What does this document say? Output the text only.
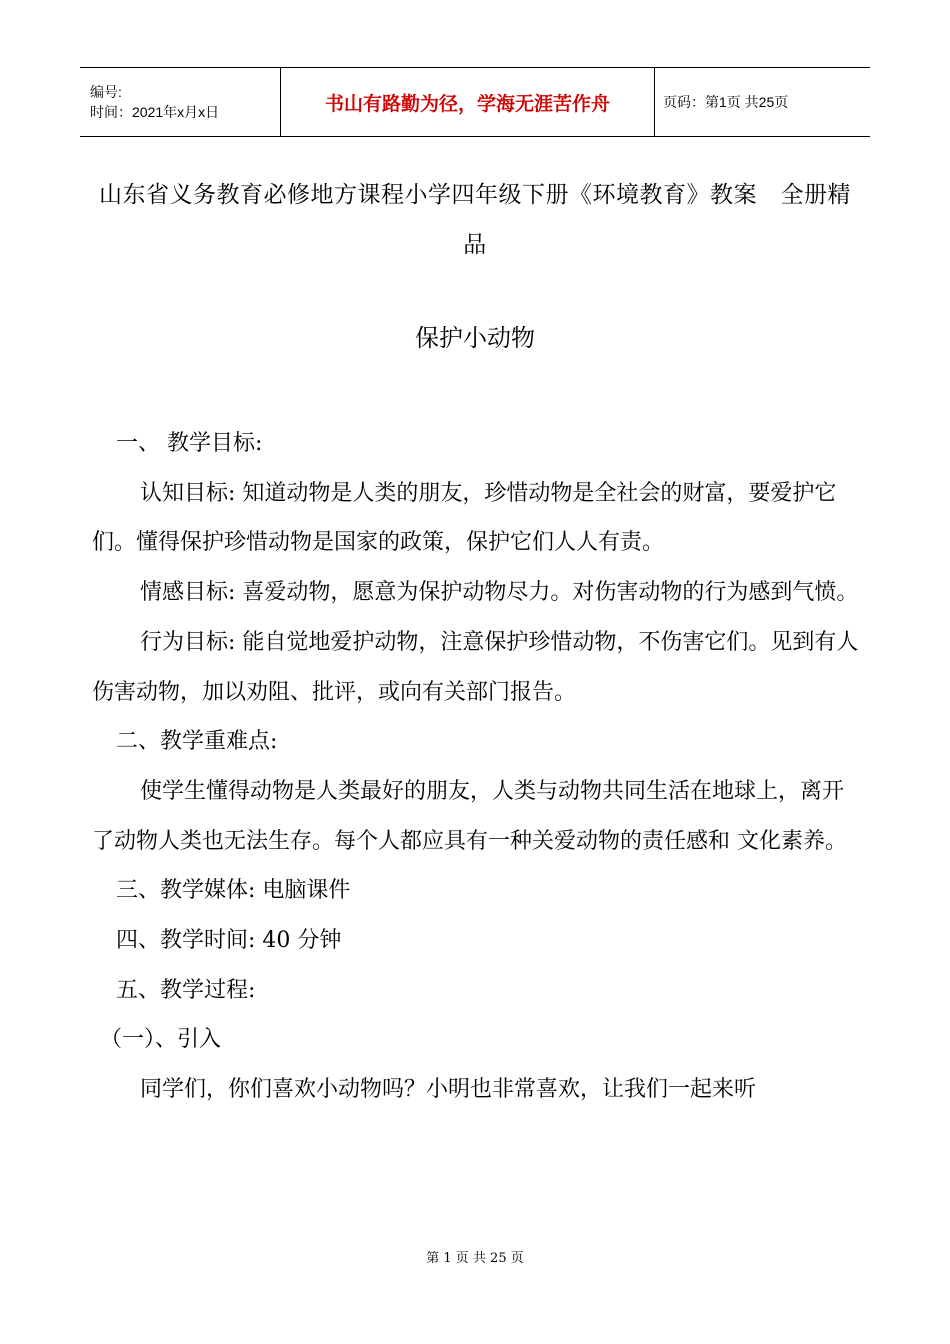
编号:
时间：2021年x月x日	书山有路勤为径，学海无涯苦作舟	页码：第1页 共25页
山东省义务教育必修地方课程小学四年级下册《环境教育》教案　全册精品
保护小动物

一、 教学目标:

认知目标: 知道动物是人类的朋友，珍惜动物是全社会的财富，要爱护它们。懂得保护珍惜动物是国家的政策，保护它们人人有责。

情感目标: 喜爱动物，愿意为保护动物尽力。对伤害动物的行为感到气愤。

行为目标: 能自觉地爱护动物，注意保护珍惜动物，不伤害它们。见到有人伤害动物，加以劝阻、批评，或向有关部门报告。

二、教学重难点:

使学生懂得动物是人类最好的朋友，人类与动物共同生活在地球上，离开了动物人类也无法生存。每个人都应具有一种关爱动物的责任感和 文化素养。

三、教学媒体: 电脑课件

四、教学时间: 40 分钟

五、教学过程:

（一）、引入

同学们，你们喜欢小动物吗？小明也非常喜欢，让我们一起来听

第 1 页 共 25 页
